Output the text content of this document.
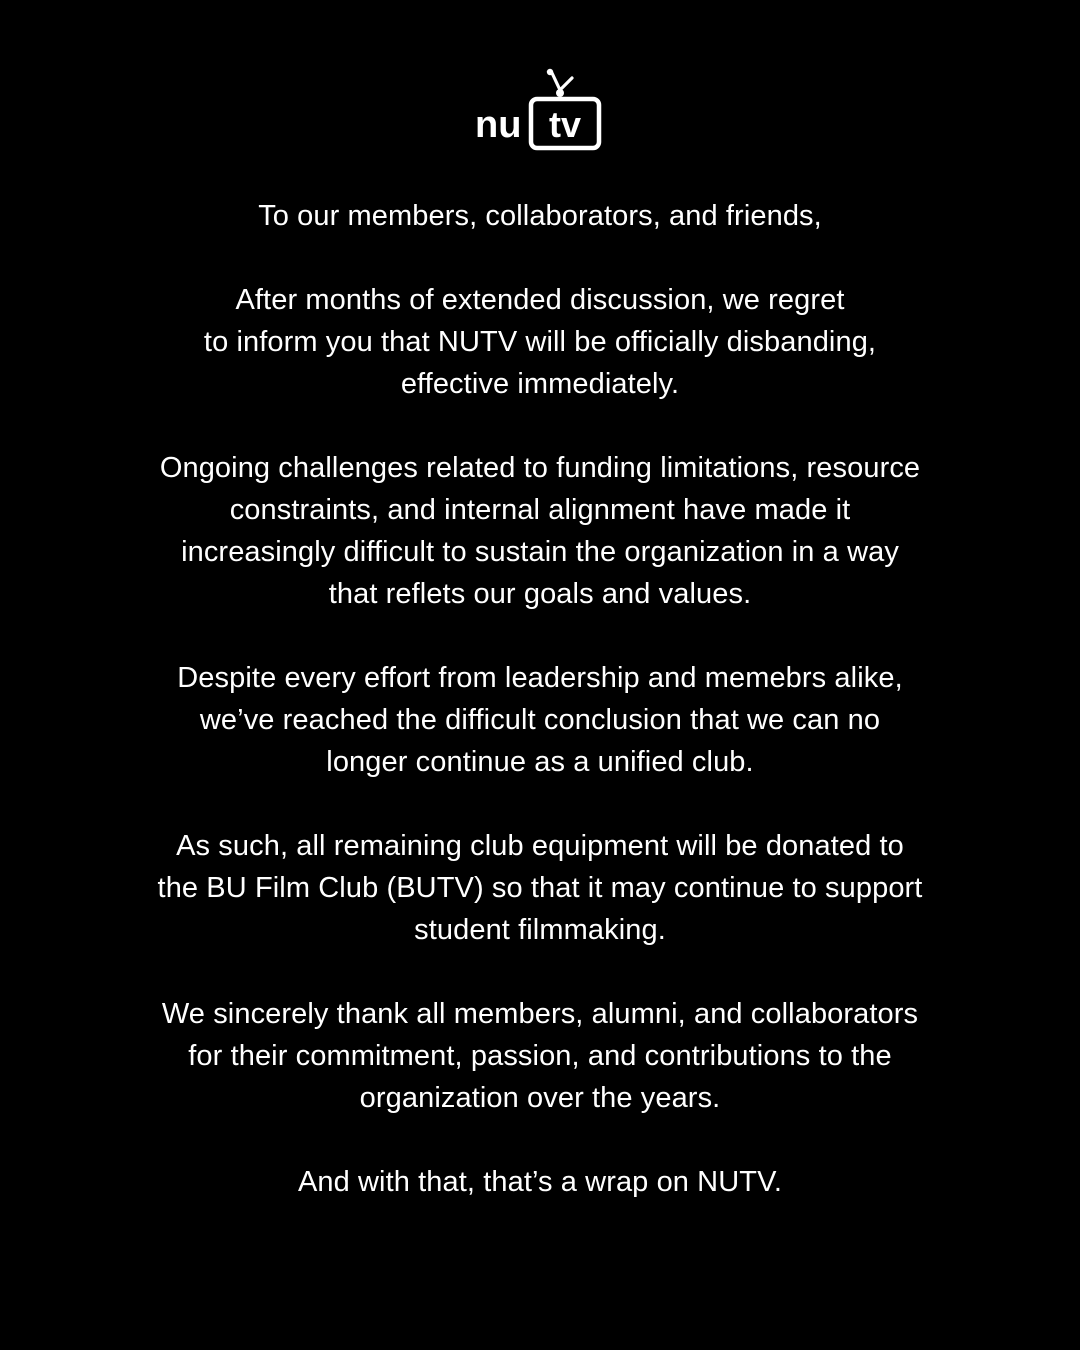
nu tv

To our members, collaborators, and friends,

After months of extended discussion, we regret
to inform you that NUTV will be officially disbanding,
effective immediately.

Ongoing challenges related to funding limitations, resource
constraints, and internal alignment have made it
increasingly difficult to sustain the organization in a way
that reflets our goals and values.

Despite every effort from leadership and memebrs alike,
we’ve reached the difficult conclusion that we can no
longer continue as a unified club.

As such, all remaining club equipment will be donated to
the BU Film Club (BUTV) so that it may continue to support
student filmmaking.

We sincerely thank all members, alumni, and collaborators
for their commitment, passion, and contributions to the
organization over the years.

And with that, that’s a wrap on NUTV.
